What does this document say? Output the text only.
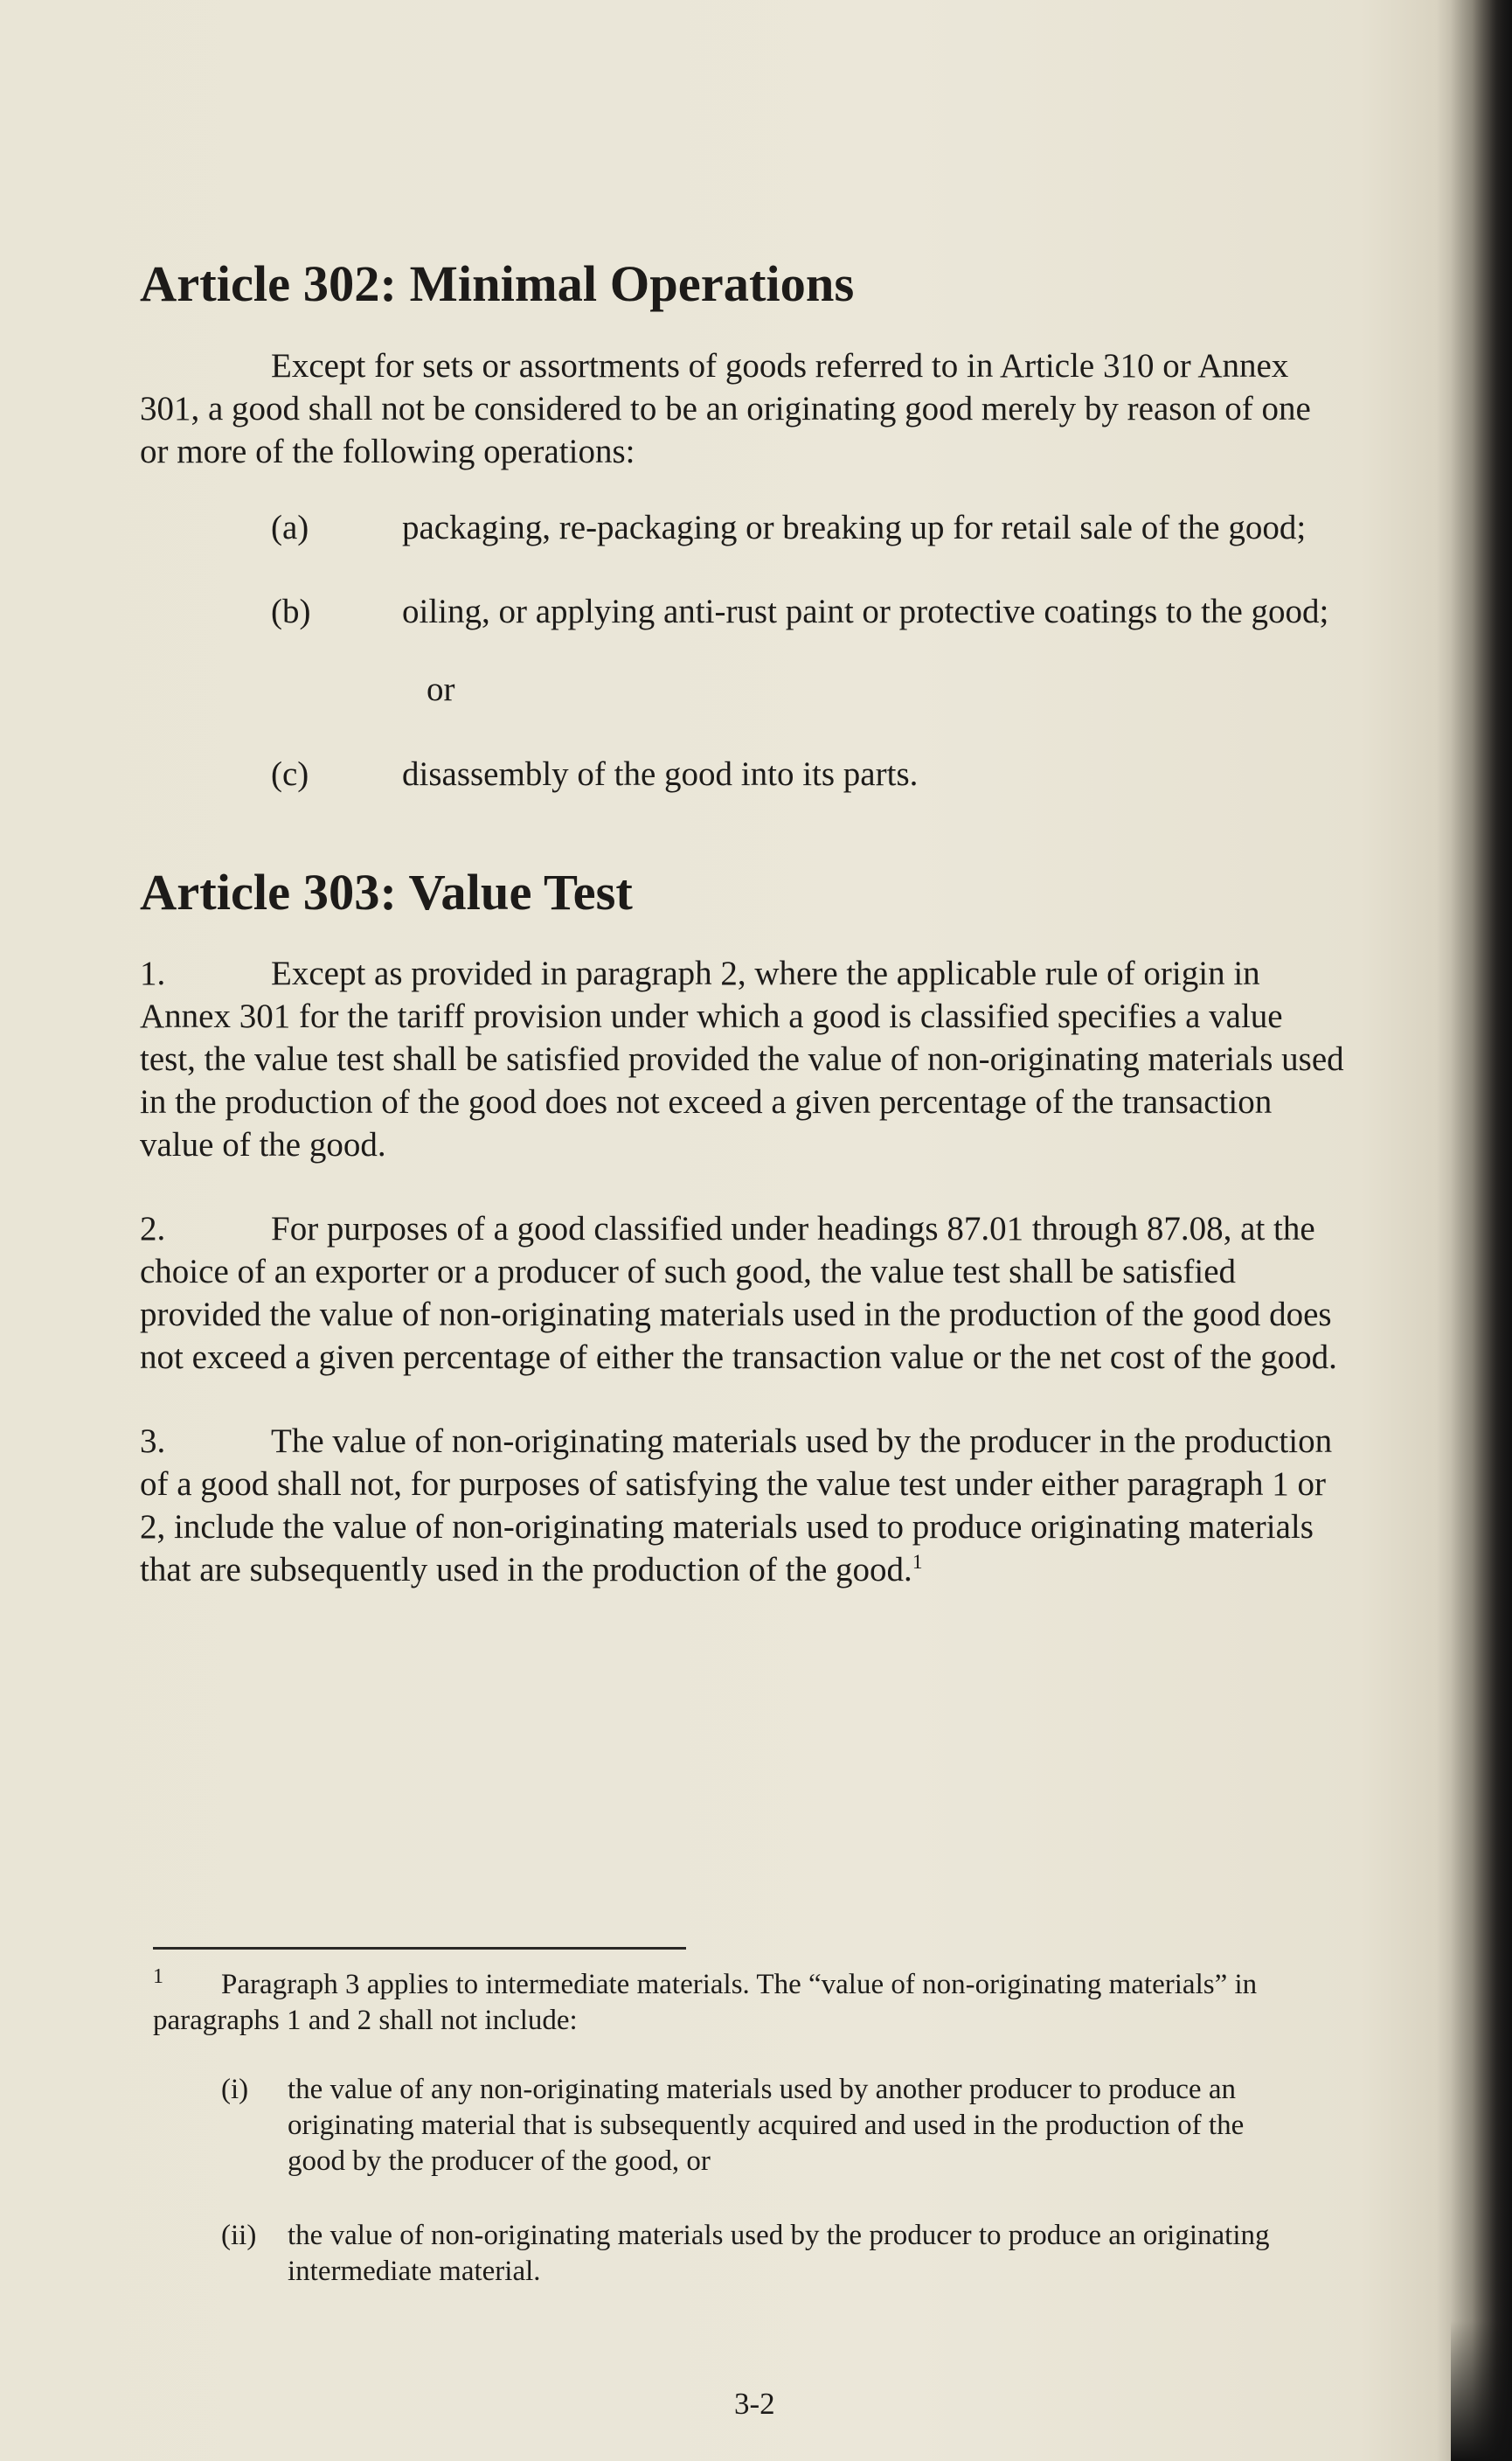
Article 302: Minimal Operations

Except for sets or assortments of goods referred to in Article 310 or Annex 301, a good shall not be considered to be an originating good merely by reason of one or more of the following operations:

(a)	packaging, re-packaging or breaking up for retail sale of the good;
(b)	oiling, or applying anti-rust paint or protective coatings to the good;

or

(c)	disassembly of the good into its parts.
Article 303: Value Test

1.	Except as provided in paragraph 2, where the applicable rule of origin in Annex 301 for the tariff provision under which a good is classified specifies a value test, the value test shall be satisfied provided the value of non-originating materials used in the production of the good does not exceed a given percentage of the transaction value of the good.

2.	For purposes of a good classified under headings 87.01 through 87.08, at the choice of an exporter or a producer of such good, the value test shall be satisfied provided the value of non-originating materials used in the production of the good does not exceed a given percentage of either the transaction value or the net cost of the good.

3.	The value of non-originating materials used by the producer in the production of a good shall not, for purposes of satisfying the value test under either paragraph 1 or 2, include the value of non-originating materials used to produce originating materials that are subsequently used in the production of the good.$^1$

1 Paragraph 3 applies to intermediate materials. The “value of non-originating materials” in paragraphs 1 and 2 shall not include:

(i)	the value of any non-originating materials used by another producer to produce an originating material that is subsequently acquired and used in the production of the good by the producer of the good, or
(ii)	the value of non-originating materials used by the producer to produce an originating intermediate material.
3-2
